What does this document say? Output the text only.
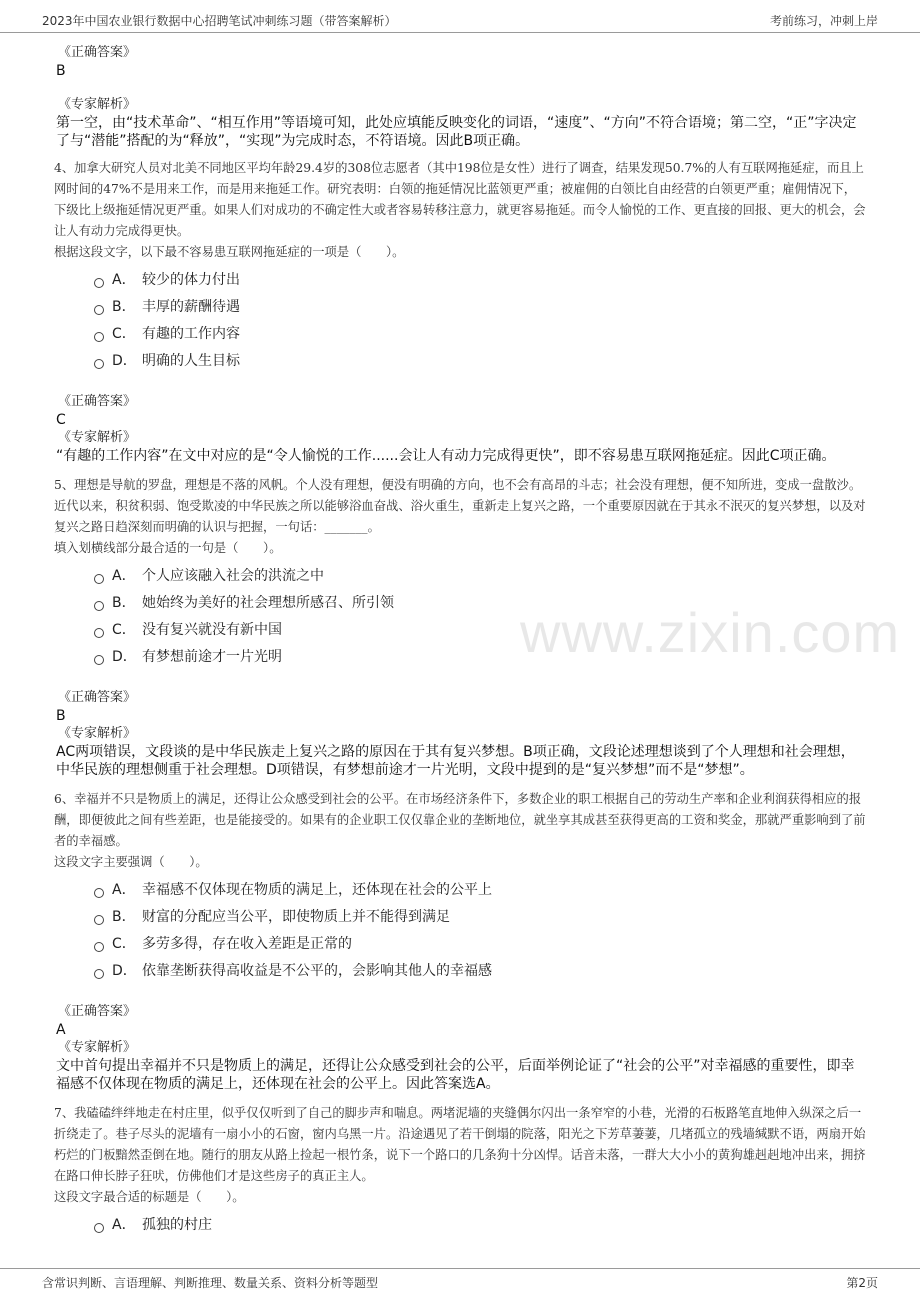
2023年中国农业银行数据中心招聘笔试冲刺练习题（带答案解析）	考前练习，冲刺上岸
www.zixin.com
《正确答案》
B
《专家解析》
第一空，由“技术革命”、“相互作用”等语境可知，此处应填能反映变化的词语，“速度”、“方向”不符合语境；第二空，“正”字决定了与“潜能”搭配的为“释放”，“实现”为完成时态，不符语境。因此B项正确。
4、加拿大研究人员对北美不同地区平均年龄29.4岁的308位志愿者（其中198位是女性）进行了调查，结果发现50.7%的人有互联网拖延症，而且上网时间的47%不是用来工作，而是用来拖延工作。研究表明：白领的拖延情况比蓝领更严重；被雇佣的白领比自由经营的白领更严重；雇佣情况下，下级比上级拖延情况更严重。如果人们对成功的不确定性大或者容易转移注意力，就更容易拖延。而令人愉悦的工作、更直接的回报、更大的机会，会让人有动力完成得更快。
根据这段文字，以下最不容易患互联网拖延症的一项是（　　）。
A． 较少的体力付出
B． 丰厚的薪酬待遇
C． 有趣的工作内容
D． 明确的人生目标
《正确答案》
C
《专家解析》
“有趣的工作内容”在文中对应的是“令人愉悦的工作......会让人有动力完成得更快”，即不容易患互联网拖延症。因此C项正确。
5、理想是导航的罗盘，理想是不落的风帆。个人没有理想，便没有明确的方向，也不会有高昂的斗志；社会没有理想，便不知所进，变成一盘散沙。近代以来，积贫积弱、饱受欺凌的中华民族之所以能够浴血奋战、浴火重生，重新走上复兴之路，一个重要原因就在于其永不泯灭的复兴梦想，以及对复兴之路日趋深刻而明确的认识与把握，一句话：_______。
填入划横线部分最合适的一句是（　　）。
A． 个人应该融入社会的洪流之中
B． 她始终为美好的社会理想所感召、所引领
C． 没有复兴就没有新中国
D． 有梦想前途才一片光明
《正确答案》
B
《专家解析》
AC两项错误，文段谈的是中华民族走上复兴之路的原因在于其有复兴梦想。B项正确，文段论述理想谈到了个人理想和社会理想，中华民族的理想侧重于社会理想。D项错误，有梦想前途才一片光明，文段中提到的是“复兴梦想”而不是“梦想”。
6、幸福并不只是物质上的满足，还得让公众感受到社会的公平。在市场经济条件下，多数企业的职工根据自己的劳动生产率和企业利润获得相应的报酬，即便彼此之间有些差距，也是能接受的。如果有的企业职工仅仅靠企业的垄断地位，就坐享其成甚至获得更高的工资和奖金，那就严重影响到了前者的幸福感。
这段文字主要强调（　　）。
A． 幸福感不仅体现在物质的满足上，还体现在社会的公平上
B． 财富的分配应当公平，即使物质上并不能得到满足
C． 多劳多得，存在收入差距是正常的
D． 依靠垄断获得高收益是不公平的，会影响其他人的幸福感
《正确答案》
A
《专家解析》
文中首句提出幸福并不只是物质上的满足，还得让公众感受到社会的公平，后面举例论证了“社会的公平”对幸福感的重要性，即幸福感不仅体现在物质的满足上，还体现在社会的公平上。因此答案选A。
7、我磕磕绊绊地走在村庄里，似乎仅仅听到了自己的脚步声和喘息。两堵泥墙的夹缝偶尔闪出一条窄窄的小巷，光滑的石板路笔直地伸入纵深之后一折绕走了。巷子尽头的泥墙有一扇小小的石窗，窗内乌黑一片。沿途遇见了若干倒塌的院落，阳光之下芳草萋萋，几堵孤立的残墙缄默不语，两扇开始朽烂的门板黯然歪倒在地。随行的朋友从路上捡起一根竹条，说下一个路口的几条狗十分凶悍。话音未落，一群大大小小的黄狗雄赳赳地冲出来，拥挤在路口伸长脖子狂吠，仿佛他们才是这些房子的真正主人。
这段文字最合适的标题是（　　）。
A． 孤独的村庄
含常识判断、言语理解、判断推理、数量关系、资料分析等题型	第2页
